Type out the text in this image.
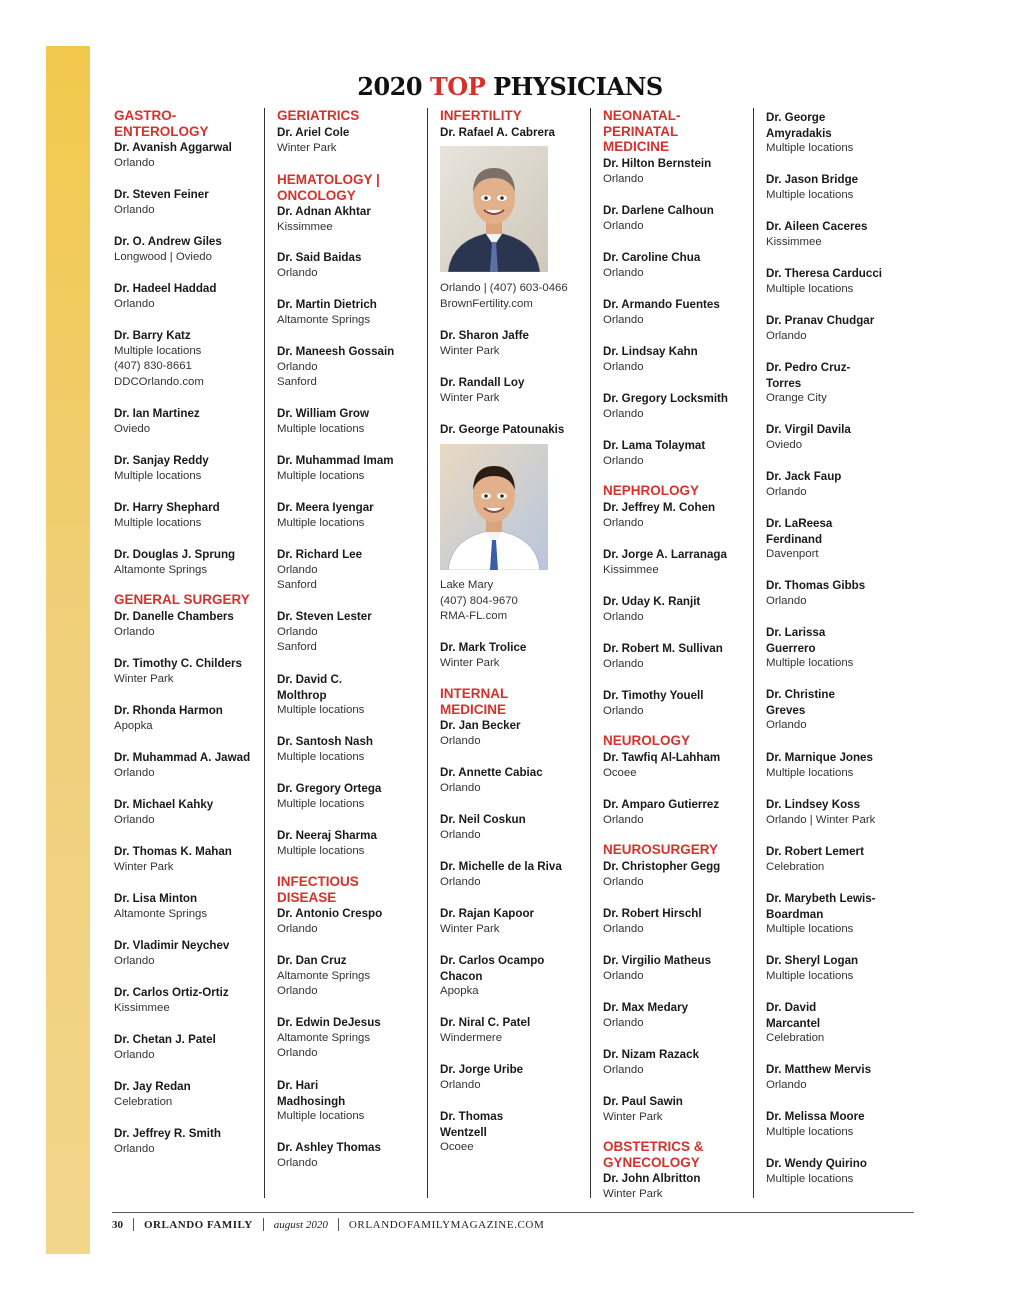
2020 TOP PHYSICIANS
GASTRO-
ENTEROLOGY
Dr. Avanish Aggarwal
Orlando
Dr. Steven Feiner
Orlando
Dr. O. Andrew Giles
Longwood | Oviedo
Dr. Hadeel Haddad
Orlando
Dr. Barry Katz
Multiple locations
(407) 830-8661
DDCOrlando.com
Dr. Ian Martinez
Oviedo
Dr. Sanjay Reddy
Multiple locations
Dr. Harry Shephard
Multiple locations
Dr. Douglas J. Sprung
Altamonte Springs
GENERAL SURGERY
Dr. Danelle Chambers
Orlando
Dr. Timothy C. Childers
Winter Park
Dr. Rhonda Harmon
Apopka
Dr. Muhammad A. Jawad
Orlando
Dr. Michael Kahky
Orlando
Dr. Thomas K. Mahan
Winter Park
Dr. Lisa Minton
Altamonte Springs
Dr. Vladimir Neychev
Orlando
Dr. Carlos Ortiz-Ortiz
Kissimmee
Dr. Chetan J. Patel
Orlando
Dr. Jay Redan
Celebration
Dr. Jeffrey R. Smith
Orlando
GERIATRICS
Dr. Ariel Cole
Winter Park
HEMATOLOGY |
ONCOLOGY
Dr. Adnan Akhtar
Kissimmee
Dr. Said Baidas
Orlando
Dr. Martin Dietrich
Altamonte Springs
Dr. Maneesh Gossain
Orlando
Sanford
Dr. William Grow
Multiple locations
Dr. Muhammad Imam
Multiple locations
Dr. Meera Iyengar
Multiple locations
Dr. Richard Lee
Orlando
Sanford
Dr. Steven Lester
Orlando
Sanford
Dr. David C.
Molthrop
Multiple locations
Dr. Santosh Nash
Multiple locations
Dr. Gregory Ortega
Multiple locations
Dr. Neeraj Sharma
Multiple locations
INFECTIOUS
DISEASE
Dr. Antonio Crespo
Orlando
Dr. Dan Cruz
Altamonte Springs
Orlando
Dr. Edwin DeJesus
Altamonte Springs
Orlando
Dr. Hari
Madhosingh
Multiple locations
Dr. Ashley Thomas
Orlando
INFERTILITY
Dr. Rafael A. Cabrera
Orlando | (407) 603-0466
BrownFertility.com
Dr. Sharon Jaffe
Winter Park
Dr. Randall Loy
Winter Park
Dr. George Patounakis
Lake Mary
(407) 804-9670
RMA-FL.com
Dr. Mark Trolice
Winter Park
INTERNAL
MEDICINE
Dr. Jan Becker
Orlando
Dr. Annette Cabiac
Orlando
Dr. Neil Coskun
Orlando
Dr. Michelle de la Riva
Orlando
Dr. Rajan Kapoor
Winter Park
Dr. Carlos Ocampo
Chacon
Apopka
Dr. Niral C. Patel
Windermere
Dr. Jorge Uribe
Orlando
Dr. Thomas
Wentzell
Ocoee
NEONATAL-
PERINATAL
MEDICINE
Dr. Hilton Bernstein
Orlando
Dr. Darlene Calhoun
Orlando
Dr. Caroline Chua
Orlando
Dr. Armando Fuentes
Orlando
Dr. Lindsay Kahn
Orlando
Dr. Gregory Locksmith
Orlando
Dr. Lama Tolaymat
Orlando
NEPHROLOGY
Dr. Jeffrey M. Cohen
Orlando
Dr. Jorge A. Larranaga
Kissimmee
Dr. Uday K. Ranjit
Orlando
Dr. Robert M. Sullivan
Orlando
Dr. Timothy Youell
Orlando
NEUROLOGY
Dr. Tawfiq Al-Lahham
Ocoee
Dr. Amparo Gutierrez
Orlando
NEUROSURGERY
Dr. Christopher Gegg
Orlando
Dr. Robert Hirschl
Orlando
Dr. Virgilio Matheus
Orlando
Dr. Max Medary
Orlando
Dr. Nizam Razack
Orlando
Dr. Paul Sawin
Winter Park
OBSTETRICS &
GYNECOLOGY
Dr. John Albritton
Winter Park
Dr. George
Amyradakis
Multiple locations
Dr. Jason Bridge
Multiple locations
Dr. Aileen Caceres
Kissimmee
Dr. Theresa Carducci
Multiple locations
Dr. Pranav Chudgar
Orlando
Dr. Pedro Cruz-
Torres
Orange City
Dr. Virgil Davila
Oviedo
Dr. Jack Faup
Orlando
Dr. LaReesa
Ferdinand
Davenport
Dr. Thomas Gibbs
Orlando
Dr. Larissa
Guerrero
Multiple locations
Dr. Christine
Greves
Orlando
Dr. Marnique Jones
Multiple locations
Dr. Lindsey Koss
Orlando | Winter Park
Dr. Robert Lemert
Celebration
Dr. Marybeth Lewis-
Boardman
Multiple locations
Dr. Sheryl Logan
Multiple locations
Dr. David
Marcantel
Celebration
Dr. Matthew Mervis
Orlando
Dr. Melissa Moore
Multiple locations
Dr. Wendy Quirino
Multiple locations
30 ORLANDO FAMILY august 2020 ORLANDOFAMILYMAGAZINE.COM
